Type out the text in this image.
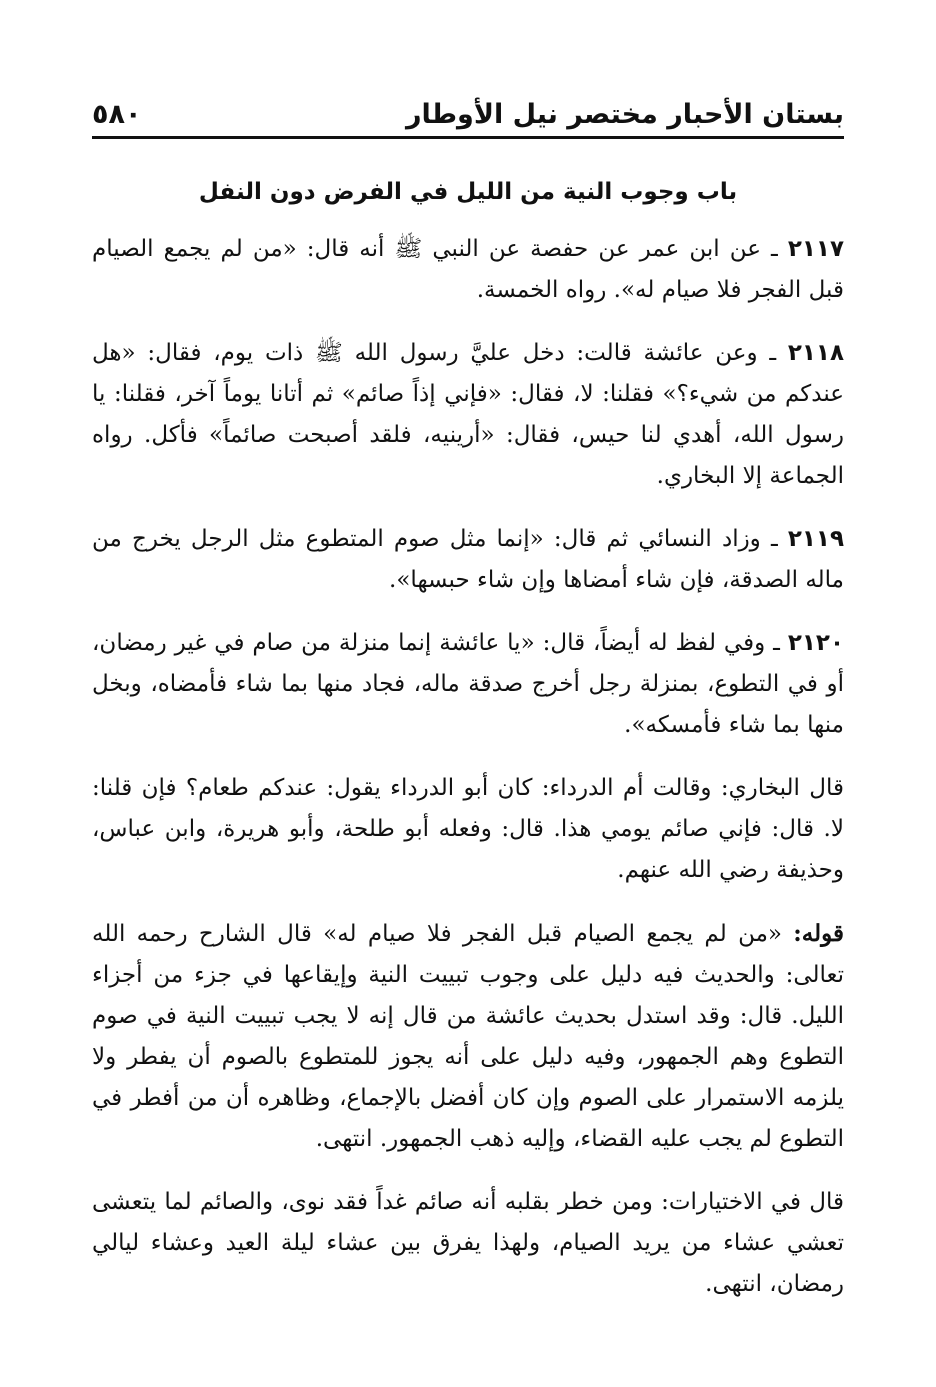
بستان الأحبار مختصر نيل الأوطار
٥٨٠
باب وجوب النية من الليل في الفرض دون النفل

٢١١٧ ـ عن ابن عمر عن حفصة عن النبي ﷺ أنه قال: «من لم يجمع الصيام قبل الفجر فلا صيام له». رواه الخمسة.

٢١١٨ ـ وعن عائشة قالت: دخل عليَّ رسول الله ﷺ ذات يوم، فقال: «هل عندكم من شيء؟» فقلنا: لا، فقال: «فإني إذاً صائم» ثم أتانا يوماً آخر، فقلنا: يا رسول الله، أهدي لنا حيس، فقال: «أرينيه، فلقد أصبحت صائماً» فأكل. رواه الجماعة إلا البخاري.

٢١١٩ ـ وزاد النسائي ثم قال: «إنما مثل صوم المتطوع مثل الرجل يخرج من ماله الصدقة، فإن شاء أمضاها وإن شاء حبسها».

٢١٢٠ ـ وفي لفظ له أيضاً، قال: «يا عائشة إنما منزلة من صام في غير رمضان، أو في التطوع، بمنزلة رجل أخرج صدقة ماله، فجاد منها بما شاء فأمضاه، وبخل منها بما شاء فأمسكه».

قال البخاري: وقالت أم الدرداء: كان أبو الدرداء يقول: عندكم طعام؟ فإن قلنا: لا. قال: فإني صائم يومي هذا. قال: وفعله أبو طلحة، وأبو هريرة، وابن عباس، وحذيفة رضي الله عنهم.

قوله: «من لم يجمع الصيام قبل الفجر فلا صيام له» قال الشارح رحمه الله تعالى: والحديث فيه دليل على وجوب تبييت النية وإيقاعها في جزء من أجزاء الليل. قال: وقد استدل بحديث عائشة من قال إنه لا يجب تبييت النية في صوم التطوع وهم الجمهور، وفيه دليل على أنه يجوز للمتطوع بالصوم أن يفطر ولا يلزمه الاستمرار على الصوم وإن كان أفضل بالإجماع، وظاهره أن من أفطر في التطوع لم يجب عليه القضاء، وإليه ذهب الجمهور. انتهى.

قال في الاختيارات: ومن خطر بقلبه أنه صائم غداً فقد نوى، والصائم لما يتعشى تعشي عشاء من يريد الصيام، ولهذا يفرق بين عشاء ليلة العيد وعشاء ليالي رمضان، انتهى.
